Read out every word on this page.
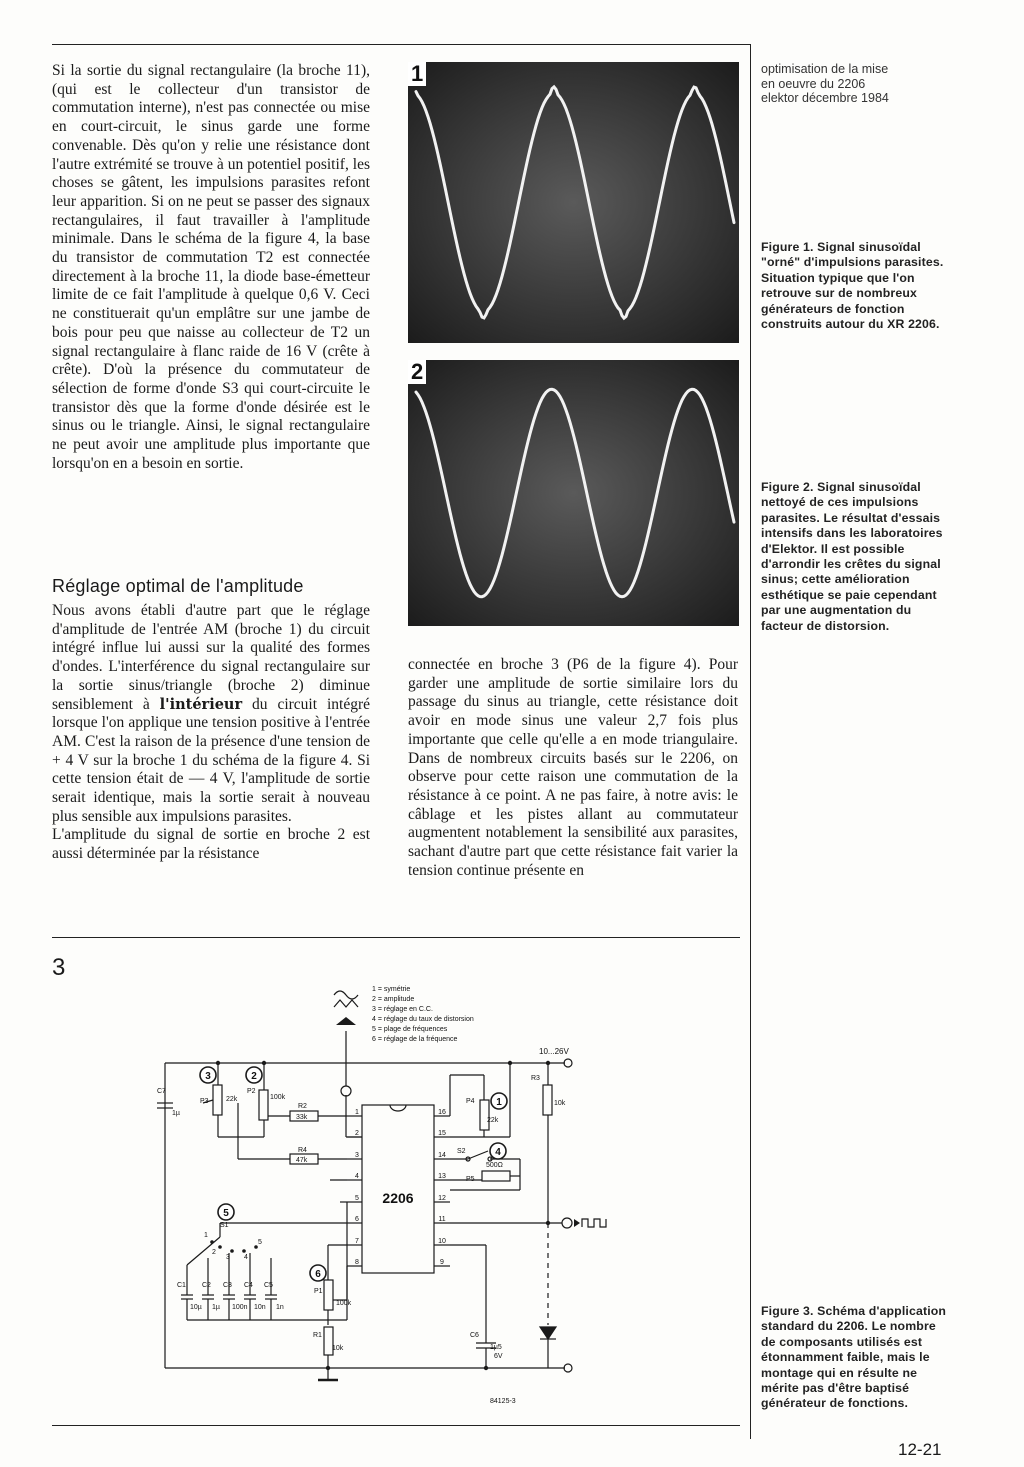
optimisation de la mise
en oeuvre du 2206
elektor décembre 1984

Si la sortie du signal rectangulaire (la broche 11), (qui est le collecteur d'un transistor de commutation interne), n'est pas connectée ou mise en court-circuit, le sinus garde une forme convenable. Dès qu'on y relie une résistance dont l'autre extrémité se trouve à un potentiel positif, les choses se gâtent, les impulsions parasites refont leur apparition. Si on ne peut se passer des signaux rectangulaires, il faut travailler à l'amplitude minimale. Dans le schéma de la figure 4, la base du transistor de commutation T2 est connectée directement à la broche 11, la diode base-émetteur limite de ce fait l'amplitude à quelque 0,6 V. Ceci ne constituerait qu'un emplâtre sur une jambe de bois pour peu que naisse au collecteur de T2 un signal rectangulaire à flanc raide de 16 V (crête à crête). D'où la présence du commutateur de sélection de forme d'onde S3 qui court-circuite le transistor dès que la forme d'onde désirée est le sinus ou le triangle. Ainsi, le signal rectangulaire ne peut avoir une amplitude plus importante que lorsqu'on en a besoin en sortie.

Réglage optimal de l'amplitude

Nous avons établi d'autre part que le réglage d'amplitude de l'entrée AM (broche 1) du circuit intégré influe lui aussi sur la qualité des formes d'ondes. L'interférence du signal rectangulaire sur la sortie sinus/triangle (broche 2) diminue sensiblement à l'intérieur du circuit intégré lorsque l'on applique une tension positive à l'entrée AM. C'est la raison de la présence d'une tension de + 4 V sur la broche 1 du schéma de la figure 4. Si cette tension était de — 4 V, l'amplitude de sortie serait identique, mais la sortie serait à nouveau plus sensible aux impulsions parasites.

L'amplitude du signal de sortie en broche 2 est aussi déterminée par la résistance

connectée en broche 3 (P6 de la figure 4). Pour garder une amplitude de sortie similaire lors du passage du sinus au triangle, cette résistance doit avoir en mode sinus une valeur 2,7 fois plus importante que celle qu'elle a en mode triangulaire. Dans de nombreux circuits basés sur le 2206, on observe pour cette raison une commutation de la résistance à ce point. A ne pas faire, à notre avis: le câblage et les pistes allant au commutateur augmentent notablement la sensibilité aux parasites, sachant d'autre part que cette résistance fait varier la tension continue présente en

1
2
Figure 1. Signal sinusoïdal "orné" d'impulsions parasites. Situation typique que l'on retrouve sur de nombreux générateurs de fonction construits autour du XR 2206.
Figure 2. Signal sinusoïdal nettoyé de ces impulsions parasites. Le résultat d'essais intensifs dans les laboratoires d'Elektor. Il est possible d'arrondir les crêtes du signal sinus; cette amélioration esthétique se paie cependant par une augmentation du facteur de distorsion.
Figure 3. Schéma d'application standard du 2206. Le nombre de composants utilisés est étonnamment faible, mais le montage qui en résulte ne mérite pas d'être baptisé générateur de fonctions.
3
1
2
3
4
5
6
2206
1
2
3
4
5
6
7
8
16
15
14
13
12
11
10
9
1 = symétrie
2 = amplitude
3 = réglage en C.C.
4 = réglage du taux de distorsion
5 = plage de fréquences
6 = réglage de la fréquence
10...26V
C7
1µ
P3 22k
P2
100k
R2
33k
R4
47k
P4
22k
S2
P5
500Ω
R3
10k
S1
C1
10µ
C2
1µ
C3
100n
C4
10n
C5
1n
P1
100k
R1
10k
C6
1µ5
6V
1
2
3 4
5
84125-3
12-21
